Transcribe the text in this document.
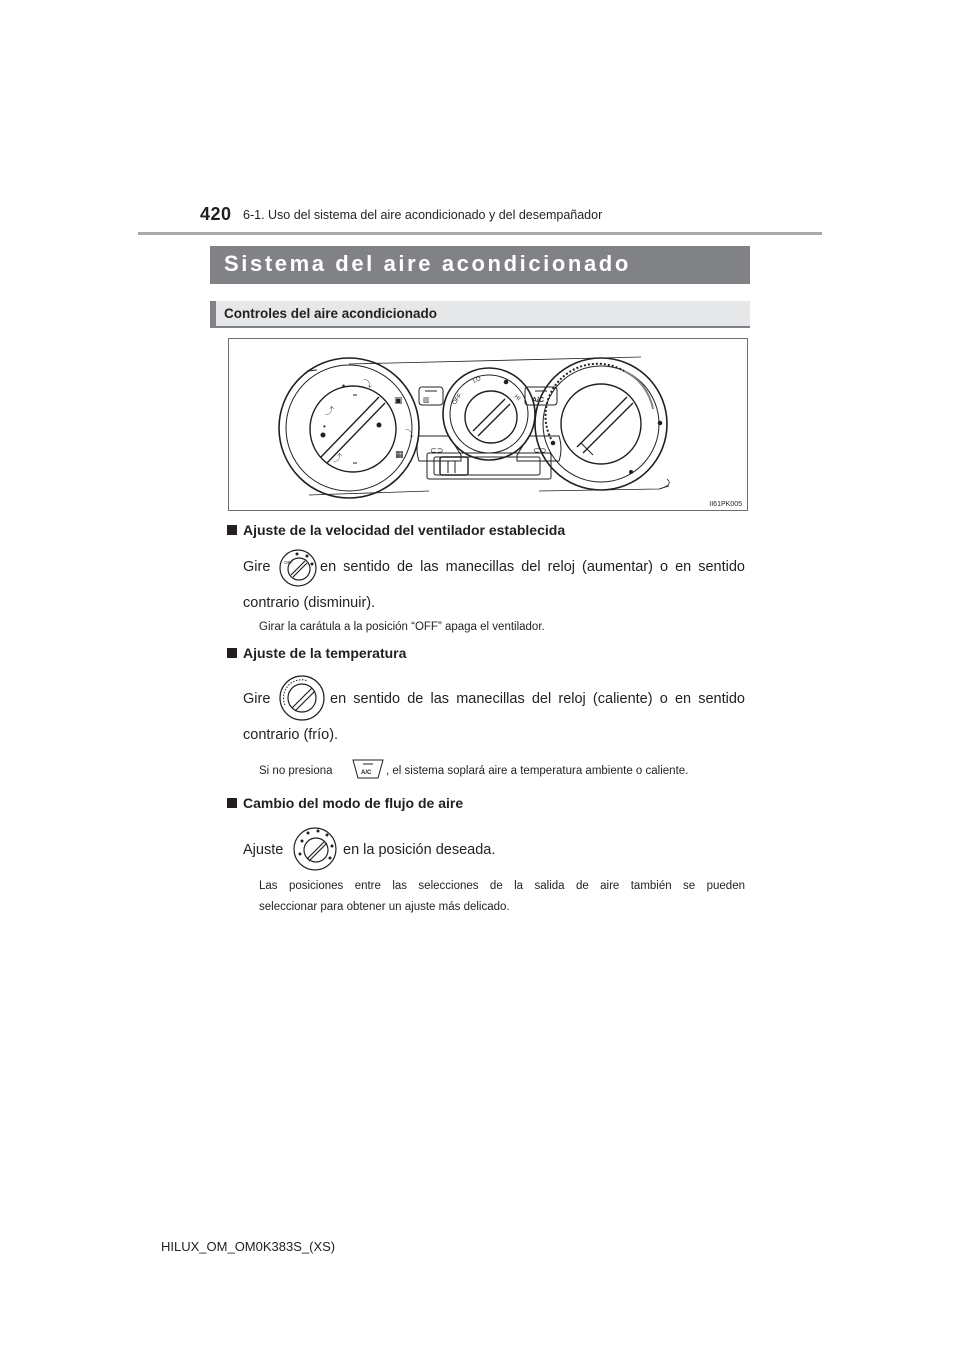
420 6-1. Uso del sistema del aire acondicionado y del desempañador
Sistema del aire acondicionado
Controles del aire acondicionado
⤴
• ⤵
▣
⤵
▦
⤴
•
▥	A/C
OFF
LO
HI
⊂⊃	⊂⊃
II61PK005
Ajuste de la velocidad del ventilador establecida
Gire	OFF en sentido de las manecillas del reloj (aumentar) o en sentido
contrario (disminuir).
Girar la carátula a la posición “OFF” apaga el ventilador.
Ajuste de la temperatura
Gire	en sentido de las manecillas del reloj (caliente) o en sentido
contrario (frío).
Si no presiona	A/C , el sistema soplará aire a temperatura ambiente o caliente.
Cambio del modo de flujo de aire
Ajuste	en la posición deseada.
Las posiciones entre las selecciones de la salida de aire también se pueden
seleccionar para obtener un ajuste más delicado.
HILUX_OM_OM0K383S_(XS)
